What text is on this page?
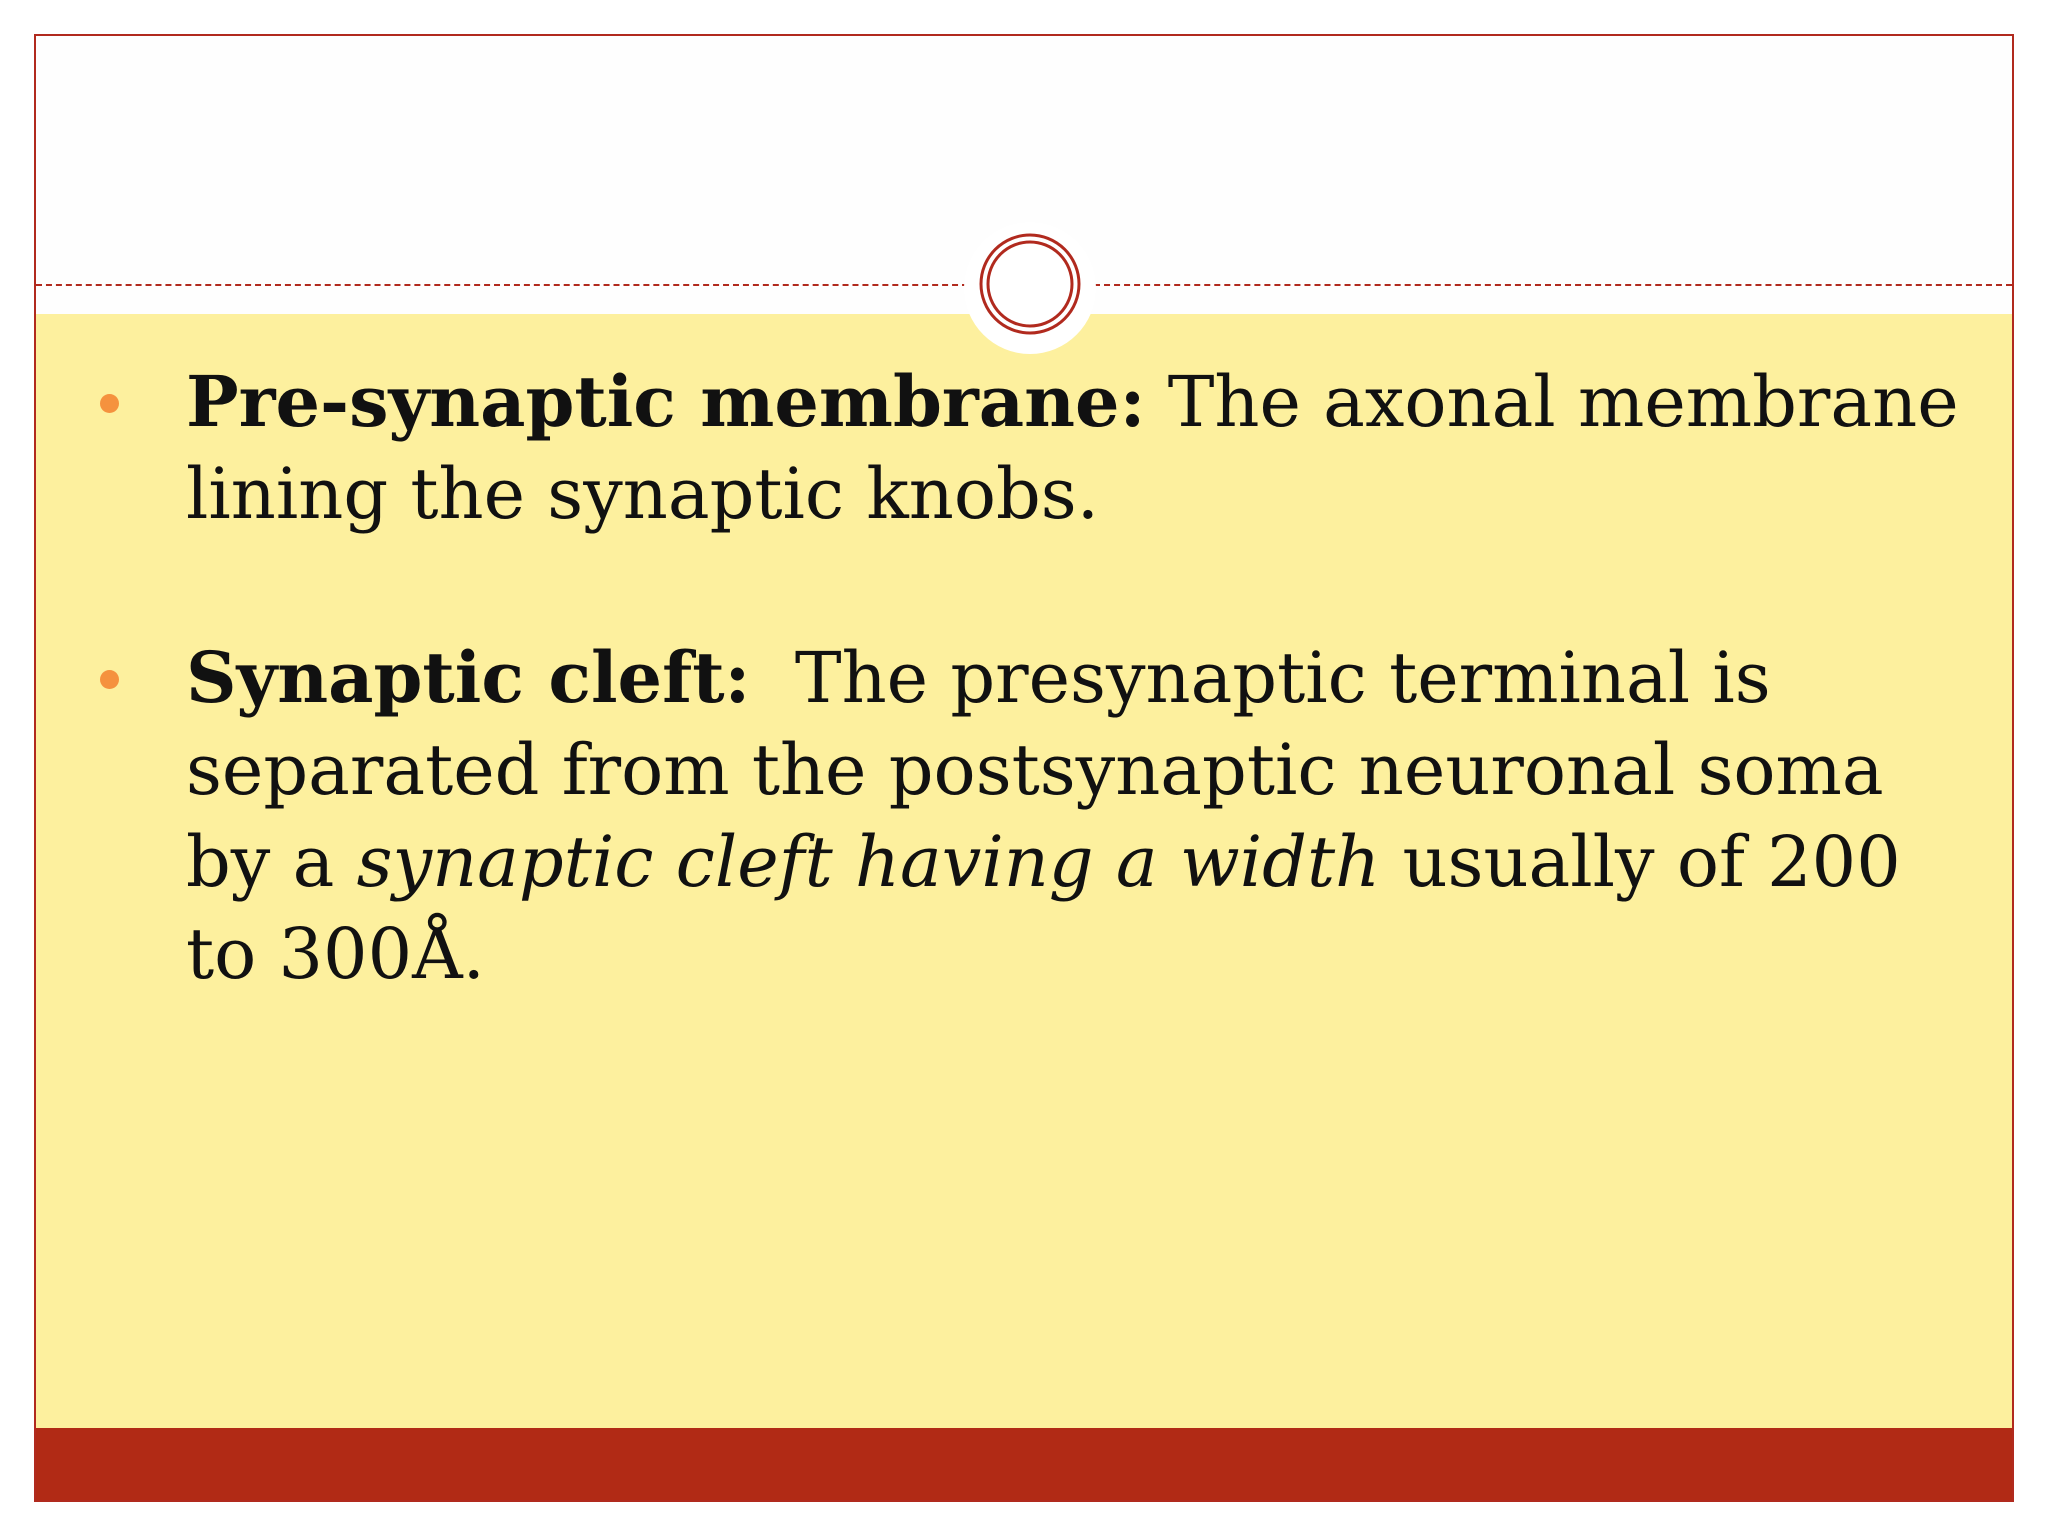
Pre-synaptic membrane: The axonal membrane lining the synaptic knobs.
Synaptic cleft:  The presynaptic terminal is separated from the postsynaptic neuronal soma by a synaptic cleft having a width usually of 200 to 300Å.
